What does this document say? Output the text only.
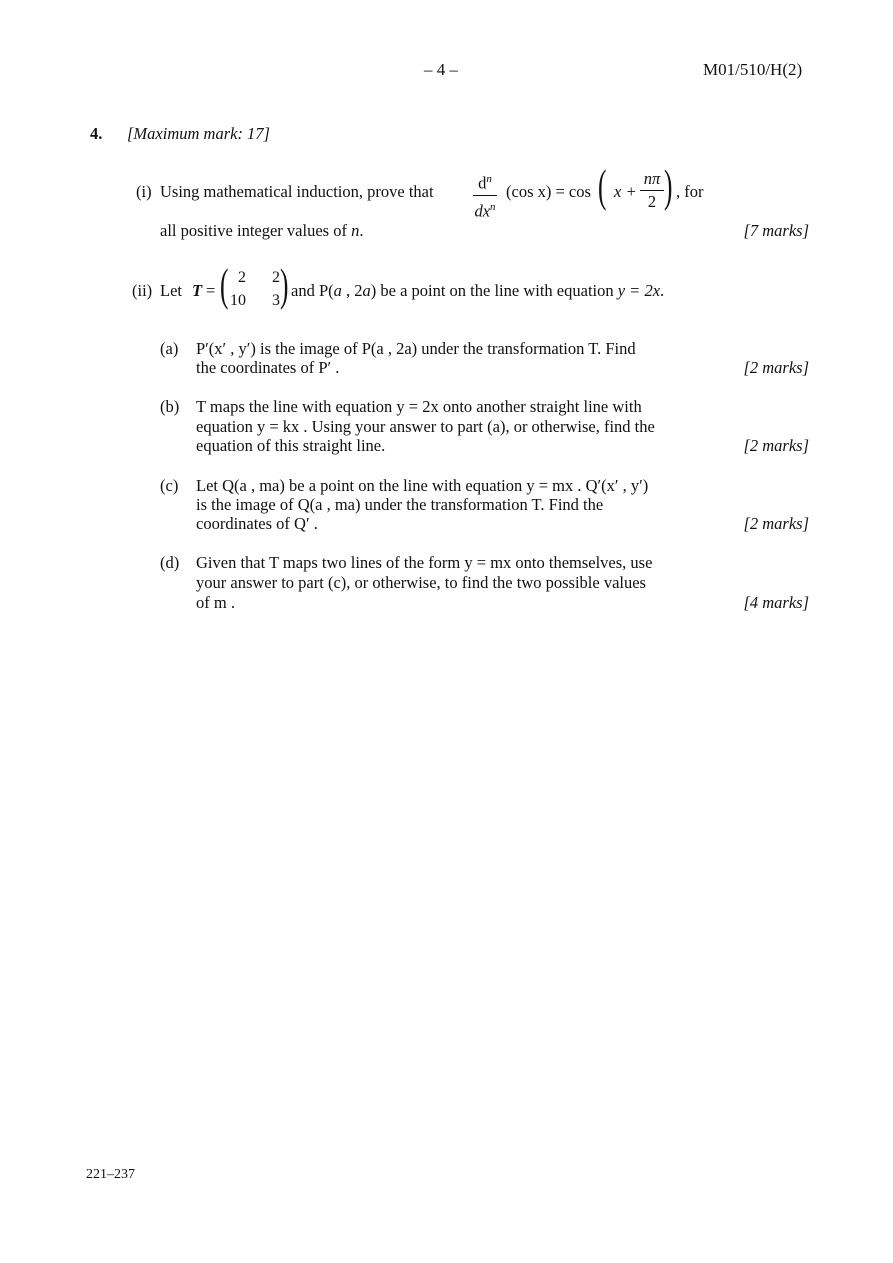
– 4 –	M01/510/H(2)
4. [Maximum mark: 17]
(i) Using mathematical induction, prove that	$d^n$
$dx^n$
(cos x) = cos ( x +
nπ
2 ) , for
all positive integer values of n.	[7 marks]
(ii) Let T = ( 2 2
10 3 ) and P(a , 2a) be a point on the line with equation y = 2x.
(a) P′(x′ , y′) is the image of P(a , 2a) under the transformation T. Find
the coordinates of P′ .	[2 marks]
(b) T maps the line with equation y = 2x onto another straight line with
equation y = kx . Using your answer to part (a), or otherwise, find the
equation of this straight line.	[2 marks]
(c) Let Q(a , ma) be a point on the line with equation y = mx . Q′(x′ , y′)
is the image of Q(a , ma) under the transformation T. Find the
coordinates of Q′ .	[2 marks]
(d) Given that T maps two lines of the form y = mx onto themselves, use
your answer to part (c), or otherwise, to find the two possible values
of m .	[4 marks]
221–237
